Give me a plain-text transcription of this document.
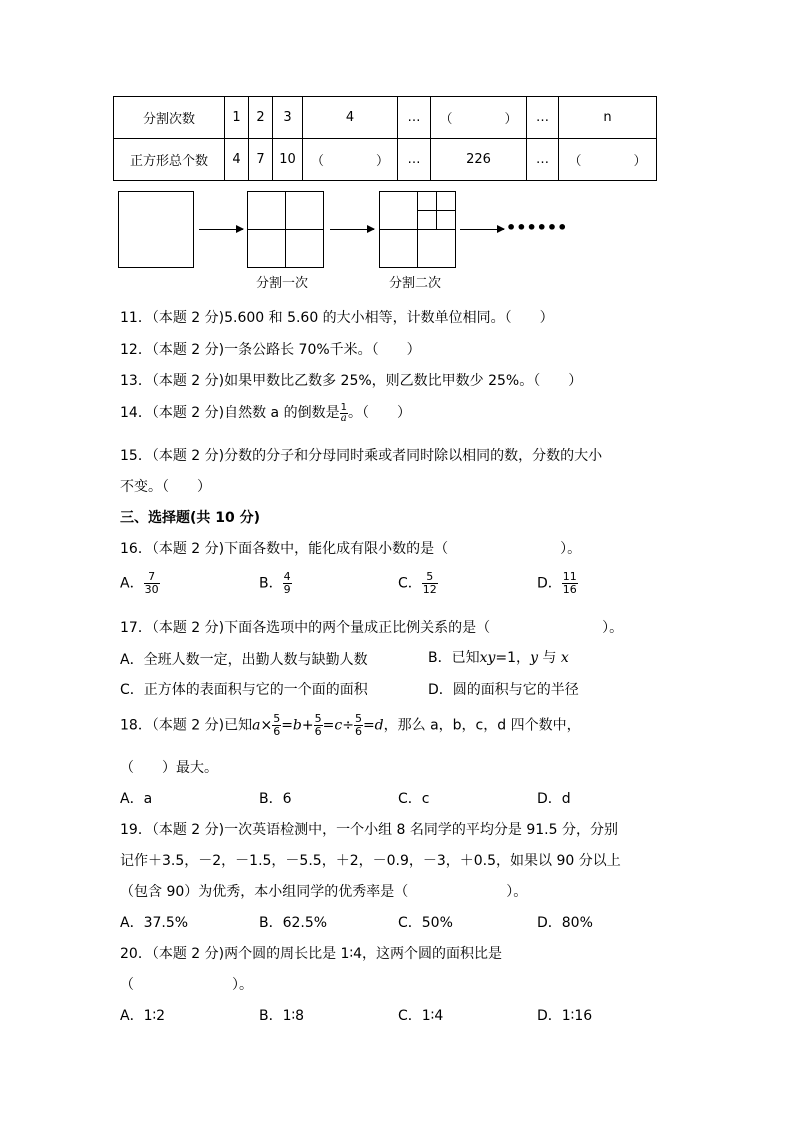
分割次数	1	2	3	4	…	（　　　　）	…	n
正方形总个数	4	7	10	（　　　　）	…	226	…	（　　　　）
••••••
分割一次	分割二次
11．（本题 2 分)5.600 和 5.60 的大小相等，计数单位相同。（　　）
12．（本题 2 分)一条公路长 70%千米。（　　）
13．（本题 2 分)如果甲数比乙数多 25%，则乙数比甲数少 25%。（　　）
14．（本题 2 分)自然数 a 的倒数是 $\frac{1}{a}$ 。（　　）
15．（本题 2 分)分数的分子和分母同时乘或者同时除以相同的数，分数的大小
不变。（　　）
三、选择题(共 10 分)
16．（本题 2 分)下面各数中，能化成有限小数的是（　　　　　　　　）。
A． $\frac{7}{30}$	B． $\frac{4}{9}$	C． $\frac{5}{12}$	D． $\frac{11}{16}$
17．（本题 2 分)下面各选项中的两个量成正比例关系的是（　　　　　　　　）。
A．全班人数一定，出勤人数与缺勤人数	B．已知xy=1，y 与 x
C．正方体的表面积与它的一个面的面积	D．圆的面积与它的半径
18．（本题 2 分)已知$a\times \frac{5}{6} =b+ \frac{5}{6} =c\div \frac{5}{6} =d$，那么 a，b，c，d 四个数中，
（　　）最大。
A．a	B．6	C．c	D．d
19．（本题 2 分)一次英语检测中，一个小组 8 名同学的平均分是 91.5 分，分别
记作＋3.5，－2，－1.5，－5.5，＋2，－0.9，－3，＋0.5，如果以 90 分以上
（包含 90）为优秀，本小组同学的优秀率是（　　　　　　　）。
A．37.5%	B．62.5%	C．50%	D．80%
20．（本题 2 分)两个圆的周长比是 1∶4，这两个圆的面积比是
（　　　　　　　）。
A．1∶2	B．1∶8	C．1∶4	D．1∶16
